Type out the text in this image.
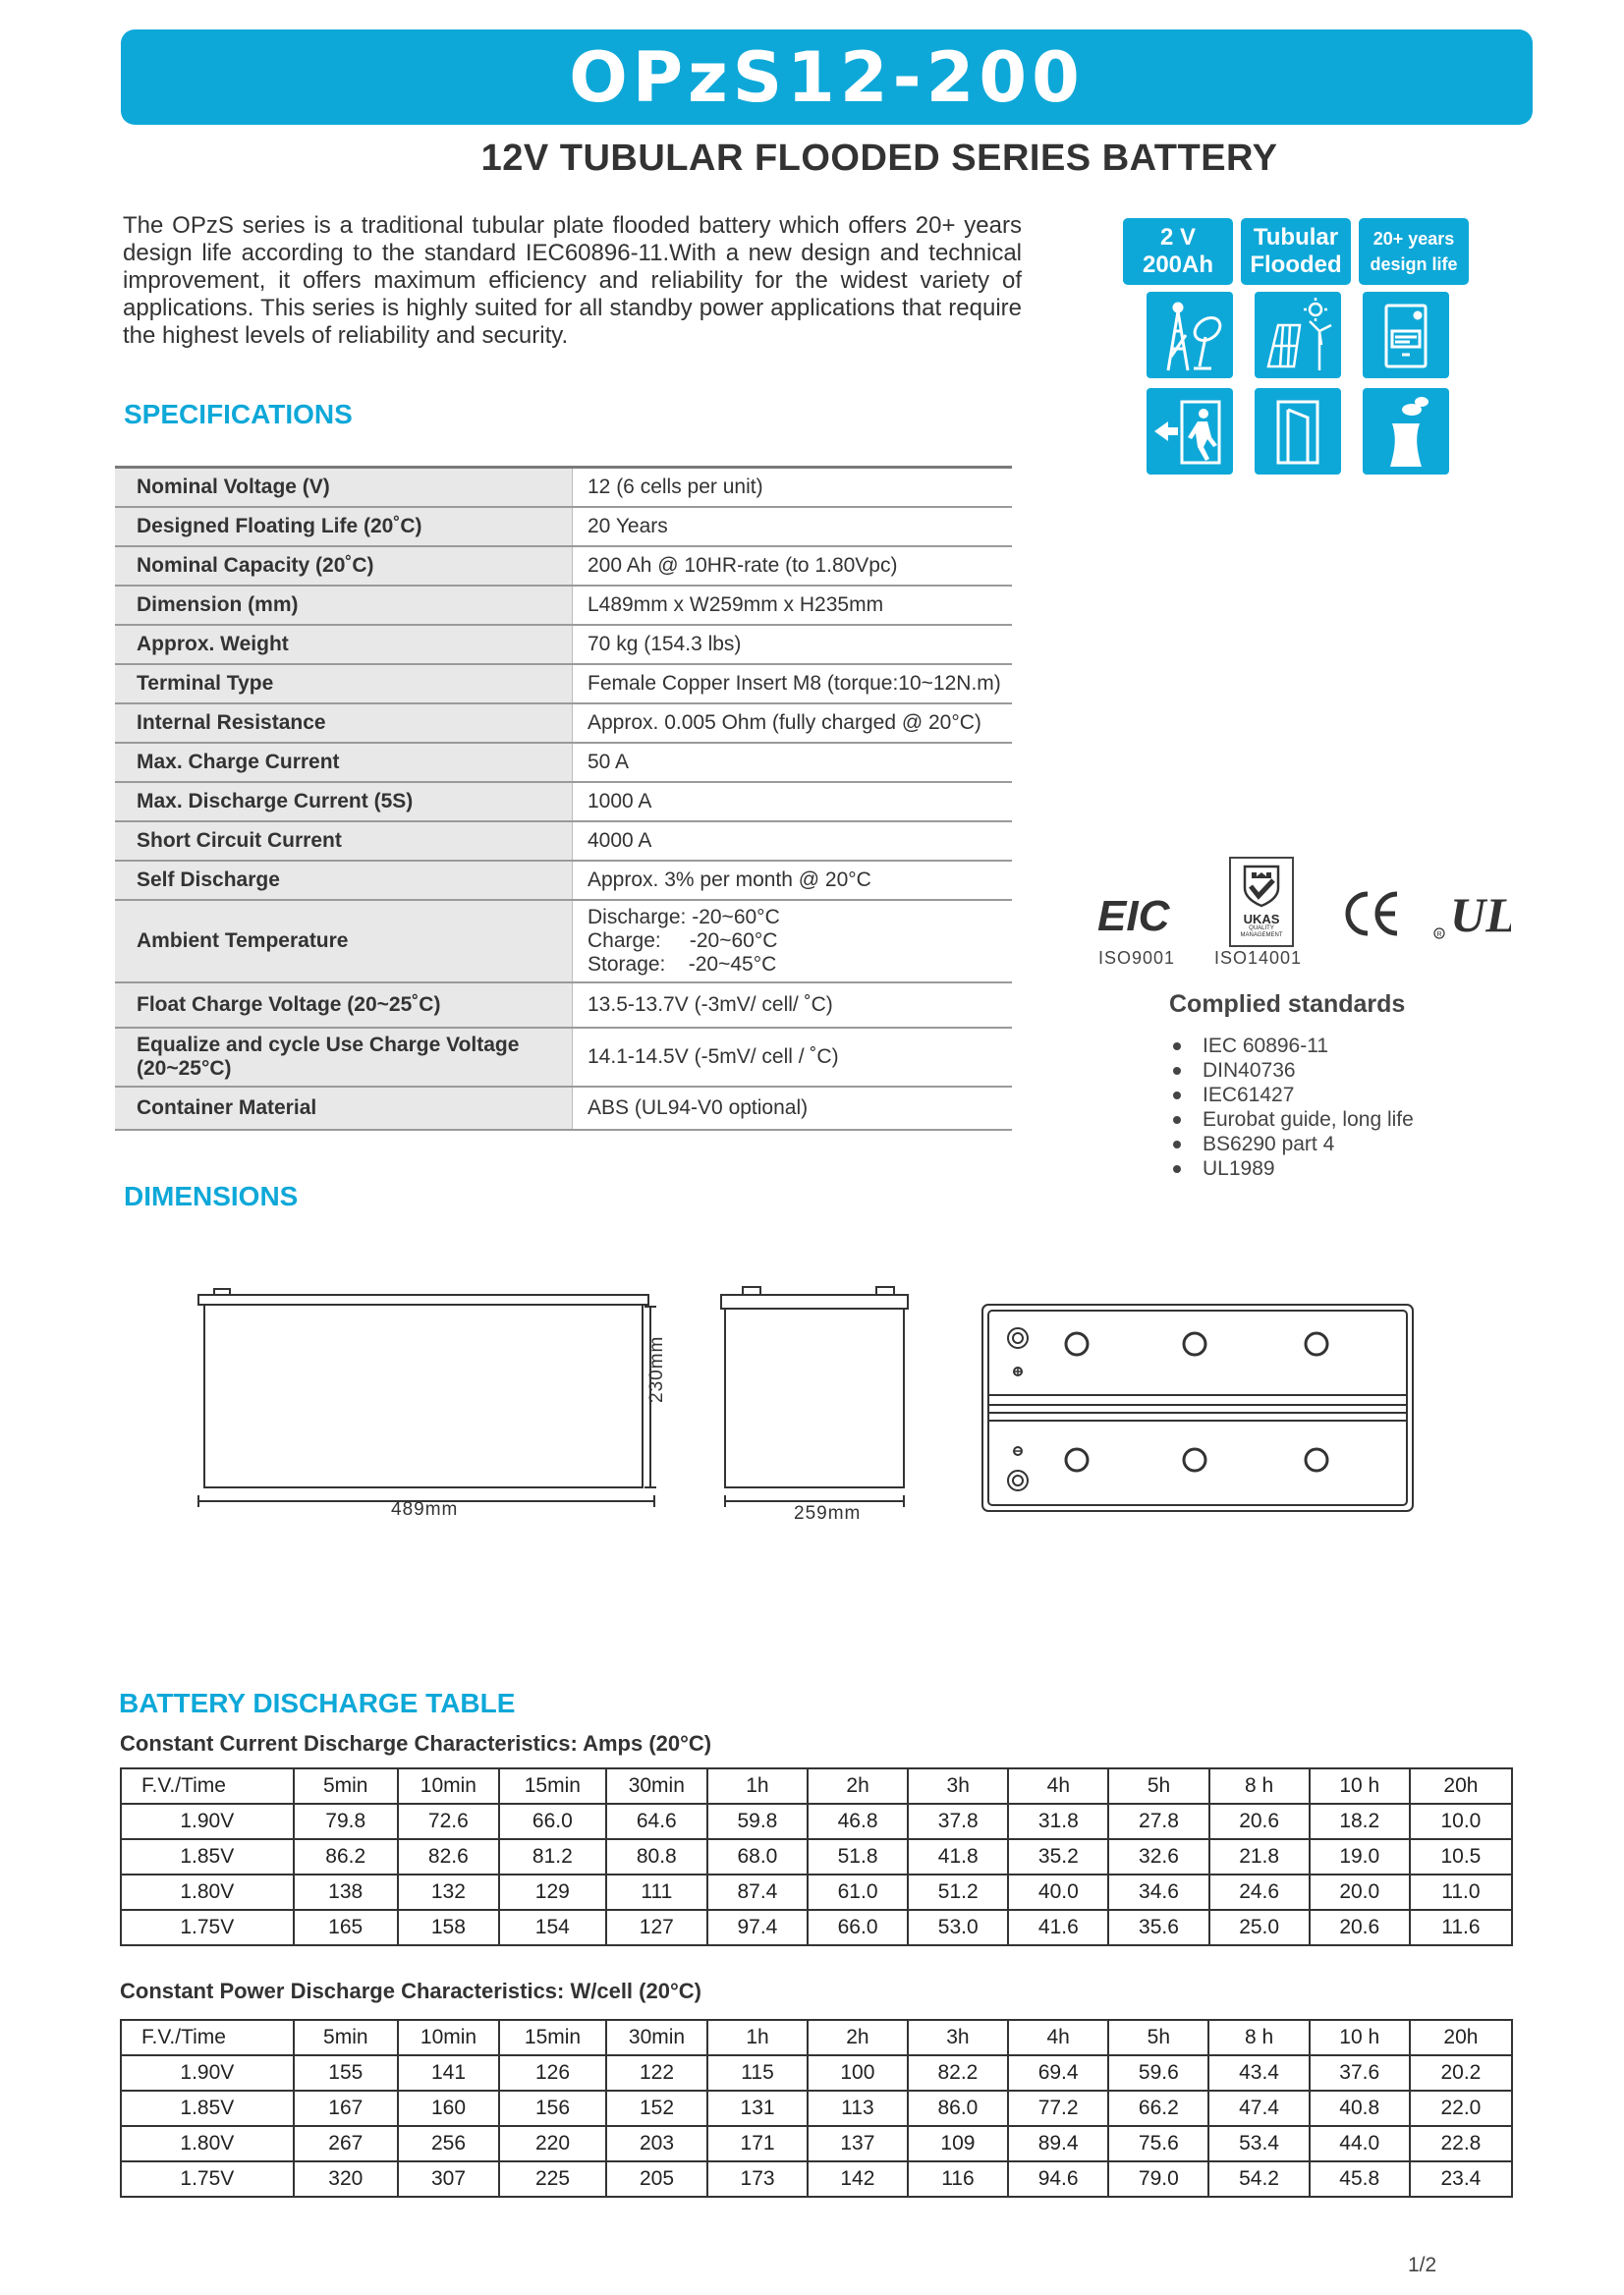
OPzS12-200
12V TUBULAR FLOODED SERIES BATTERY
The OPzS series is a traditional tubular plate flooded battery which offers 20+ years design life according to the standard IEC60896-11.With a new design and technical improvement, it offers maximum efficiency and reliability for the widest variety of applications. This series is highly suited for all standby power applications that require the highest levels of reliability and security.
2 V
200Ah
Tubular
Flooded
20+ years
design life
SPECIFICATIONS
Nominal Voltage (V)	12 (6 cells per unit)
Designed Floating Life (20˚C)	20 Years
Nominal Capacity (20˚C)	200 Ah @ 10HR-rate (to 1.80Vpc)
Dimension (mm)	L489mm x W259mm x H235mm
Approx. Weight	70 kg (154.3 lbs)
Terminal Type	Female Copper Insert M8 (torque:10~12N.m)
Internal Resistance	Approx. 0.005 Ohm (fully charged @ 20°C)
Max. Charge Current	50 A
Max. Discharge Current (5S)	1000 A
Short Circuit Current	4000 A
Self Discharge	Approx. 3% per month @ 20°C
Ambient Temperature	Discharge: -20~60°C
Charge:     -20~60°C
Storage:    -20~45°C

Float Charge Voltage (20~25˚C)	13.5-13.7V (-3mV/ cell/ ˚C)

Equalize and cycle Use Charge Voltage
(20~25°C)	14.1-14.5V (-5mV/ cell / ˚C)
Container Material	ABS (UL94-V0 optional)
EIC
ISO9001
UKAS
QUALITY MANAGEMENT
ISO14001
UL
R
Complied standards
IEC 60896-11
DIN40736
IEC61427
Eurobat guide, long life
BS6290 part 4
UL1989
DIMENSIONS
489mm
230mm
259mm
BATTERY DISCHARGE TABLE
Constant Current Discharge Characteristics: Amps (20°C)
F.V./Time	5min	10min	15min	30min	1h	2h	3h	4h	5h	8 h	10 h	20h
1.90V	79.8	72.6	66.0	64.6	59.8	46.8	37.8	31.8	27.8	20.6	18.2	10.0
1.85V	86.2	82.6	81.2	80.8	68.0	51.8	41.8	35.2	32.6	21.8	19.0	10.5
1.80V	138	132	129	111	87.4	61.0	51.2	40.0	34.6	24.6	20.0	11.0
1.75V	165	158	154	127	97.4	66.0	53.0	41.6	35.6	25.0	20.6	11.6
Constant Power Discharge Characteristics: W/cell (20°C)
F.V./Time	5min	10min	15min	30min	1h	2h	3h	4h	5h	8 h	10 h	20h
1.90V	155	141	126	122	115	100	82.2	69.4	59.6	43.4	37.6	20.2
1.85V	167	160	156	152	131	113	86.0	77.2	66.2	47.4	40.8	22.0
1.80V	267	256	220	203	171	137	109	89.4	75.6	53.4	44.0	22.8
1.75V	320	307	225	205	173	142	116	94.6	79.0	54.2	45.8	23.4
1/2
